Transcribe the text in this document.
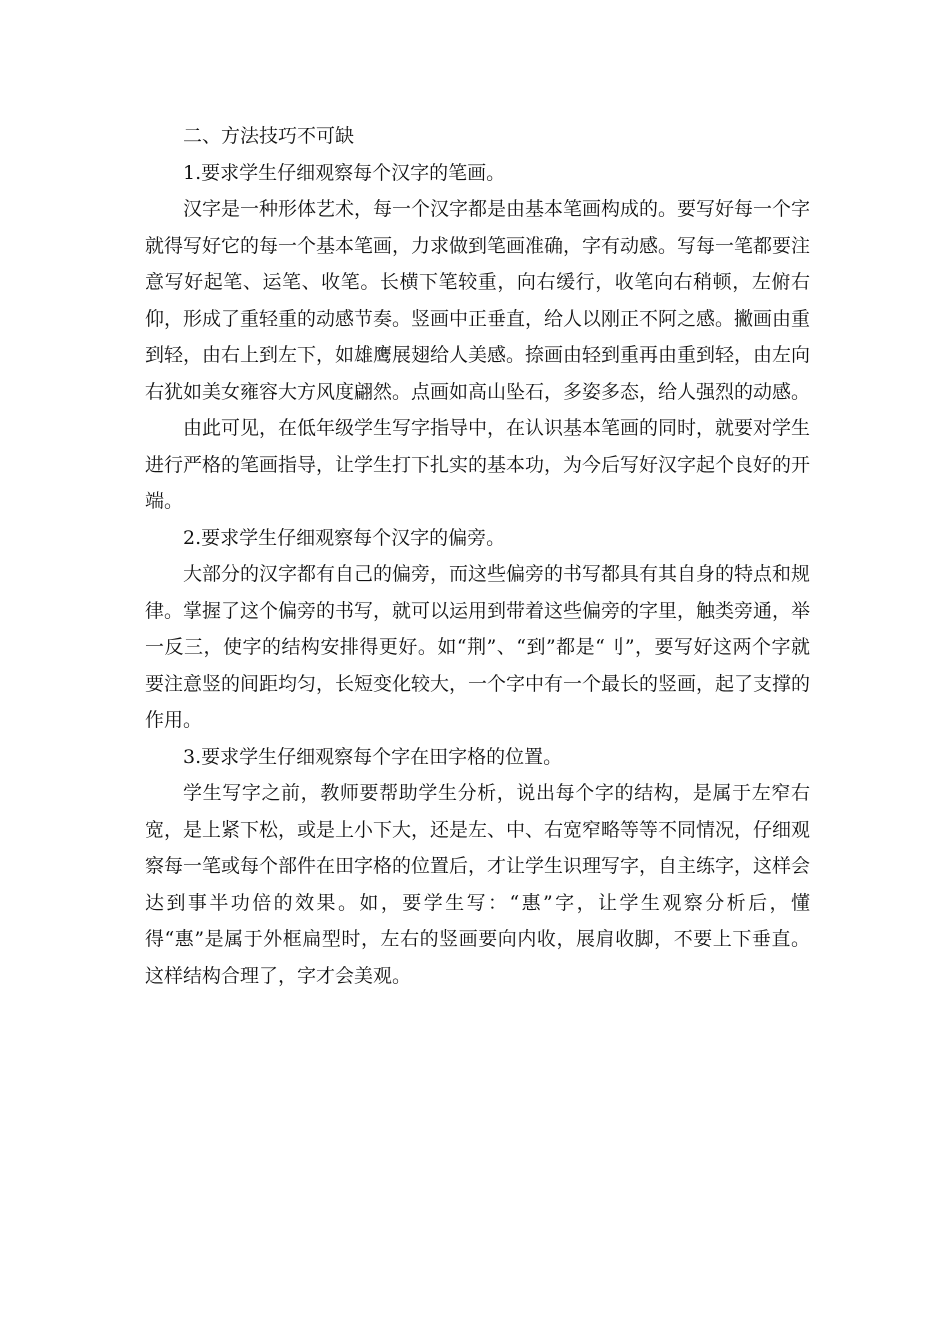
二、方法技巧不可缺

1.要求学生仔细观察每个汉字的笔画。

汉字是一种形体艺术，每一个汉字都是由基本笔画构成的。要写好每一个字就得写好它的每一个基本笔画，力求做到笔画准确，字有动感。写每一笔都要注意写好起笔、运笔、收笔。长横下笔较重，向右缓行，收笔向右稍顿，左俯右仰，形成了重轻重的动感节奏。竖画中正垂直，给人以刚正不阿之感。撇画由重到轻，由右上到左下，如雄鹰展翅给人美感。捺画由轻到重再由重到轻，由左向右犹如美女雍容大方风度翩然。点画如高山坠石，多姿多态，给人强烈的动感。

由此可见，在低年级学生写字指导中，在认识基本笔画的同时，就要对学生进行严格的笔画指导，让学生打下扎实的基本功，为今后写好汉字起个良好的开端。

2.要求学生仔细观察每个汉字的偏旁。

大部分的汉字都有自己的偏旁，而这些偏旁的书写都具有其自身的特点和规律。掌握了这个偏旁的书写，就可以运用到带着这些偏旁的字里，触类旁通，举一反三，使字的结构安排得更好。如“荆”、“到”都是“刂”，要写好这两个字就要注意竖的间距均匀，长短变化较大，一个字中有一个最长的竖画，起了支撑的作用。

3.要求学生仔细观察每个字在田字格的位置。

学生写字之前，教师要帮助学生分析，说出每个字的结构，是属于左窄右宽，是上紧下松，或是上小下大，还是左、中、右宽窄略等等不同情况，仔细观察每一笔或每个部件在田字格的位置后，才让学生识理写字，自主练字，这样会达到事半功倍的效果。如，要学生写：“惠”字，让学生观察分析后，懂得“惠”是属于外框扁型时，左右的竖画要向内收，展肩收脚，不要上下垂直。这样结构合理了，字才会美观。
